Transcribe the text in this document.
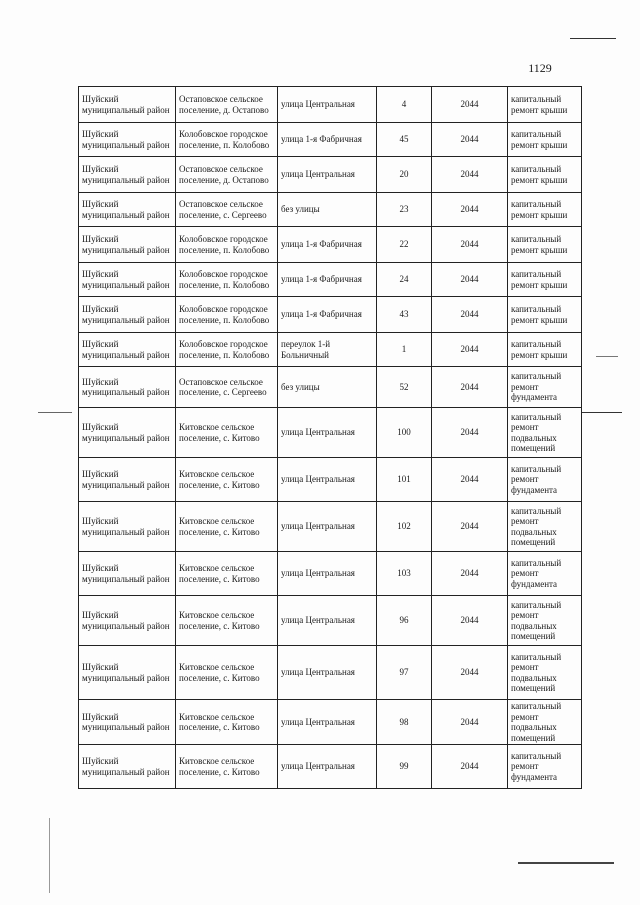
1129
Шуйский муниципальный район	Остаповское сельское поселение, д. Остапово	улица Центральная	4	2044	капитальный ремонт крыши
Шуйский муниципальный район	Колобовское городское поселение, п. Колобово	улица 1-я Фабричная	45	2044	капитальный ремонт крыши
Шуйский муниципальный район	Остаповское сельское поселение, д. Остапово	улица Центральная	20	2044	капитальный ремонт крыши
Шуйский муниципальный район	Остаповское сельское поселение, с. Сергеево	без улицы	23	2044	капитальный ремонт крыши
Шуйский муниципальный район	Колобовское городское поселение, п. Колобово	улица 1-я Фабричная	22	2044	капитальный ремонт крыши
Шуйский муниципальный район	Колобовское городское поселение, п. Колобово	улица 1-я Фабричная	24	2044	капитальный ремонт крыши
Шуйский муниципальный район	Колобовское городское поселение, п. Колобово	улица 1-я Фабричная	43	2044	капитальный ремонт крыши
Шуйский муниципальный район	Колобовское городское поселение, п. Колобово	переулок 1-й Больничный	1	2044	капитальный ремонт крыши
Шуйский муниципальный район	Остаповское сельское поселение, с. Сергеево	без улицы	52	2044	капитальный ремонт фундамента
Шуйский муниципальный район	Китовское сельское поселение, с. Китово	улица Центральная	100	2044	капитальный ремонт подвальных помещений
Шуйский муниципальный район	Китовское сельское поселение, с. Китово	улица Центральная	101	2044	капитальный ремонт фундамента
Шуйский муниципальный район	Китовское сельское поселение, с. Китово	улица Центральная	102	2044	капитальный ремонт подвальных помещений
Шуйский муниципальный район	Китовское сельское поселение, с. Китово	улица Центральная	103	2044	капитальный ремонт фундамента
Шуйский муниципальный район	Китовское сельское поселение, с. Китово	улица Центральная	96	2044	капитальный ремонт подвальных помещений
Шуйский муниципальный район	Китовское сельское поселение, с. Китово	улица Центральная	97	2044	капитальный ремонт подвальных помещений
Шуйский муниципальный район	Китовское сельское поселение, с. Китово	улица Центральная	98	2044	капитальный ремонт подвальных помещений
Шуйский муниципальный район	Китовское сельское поселение, с. Китово	улица Центральная	99	2044	капитальный ремонт фундамента
